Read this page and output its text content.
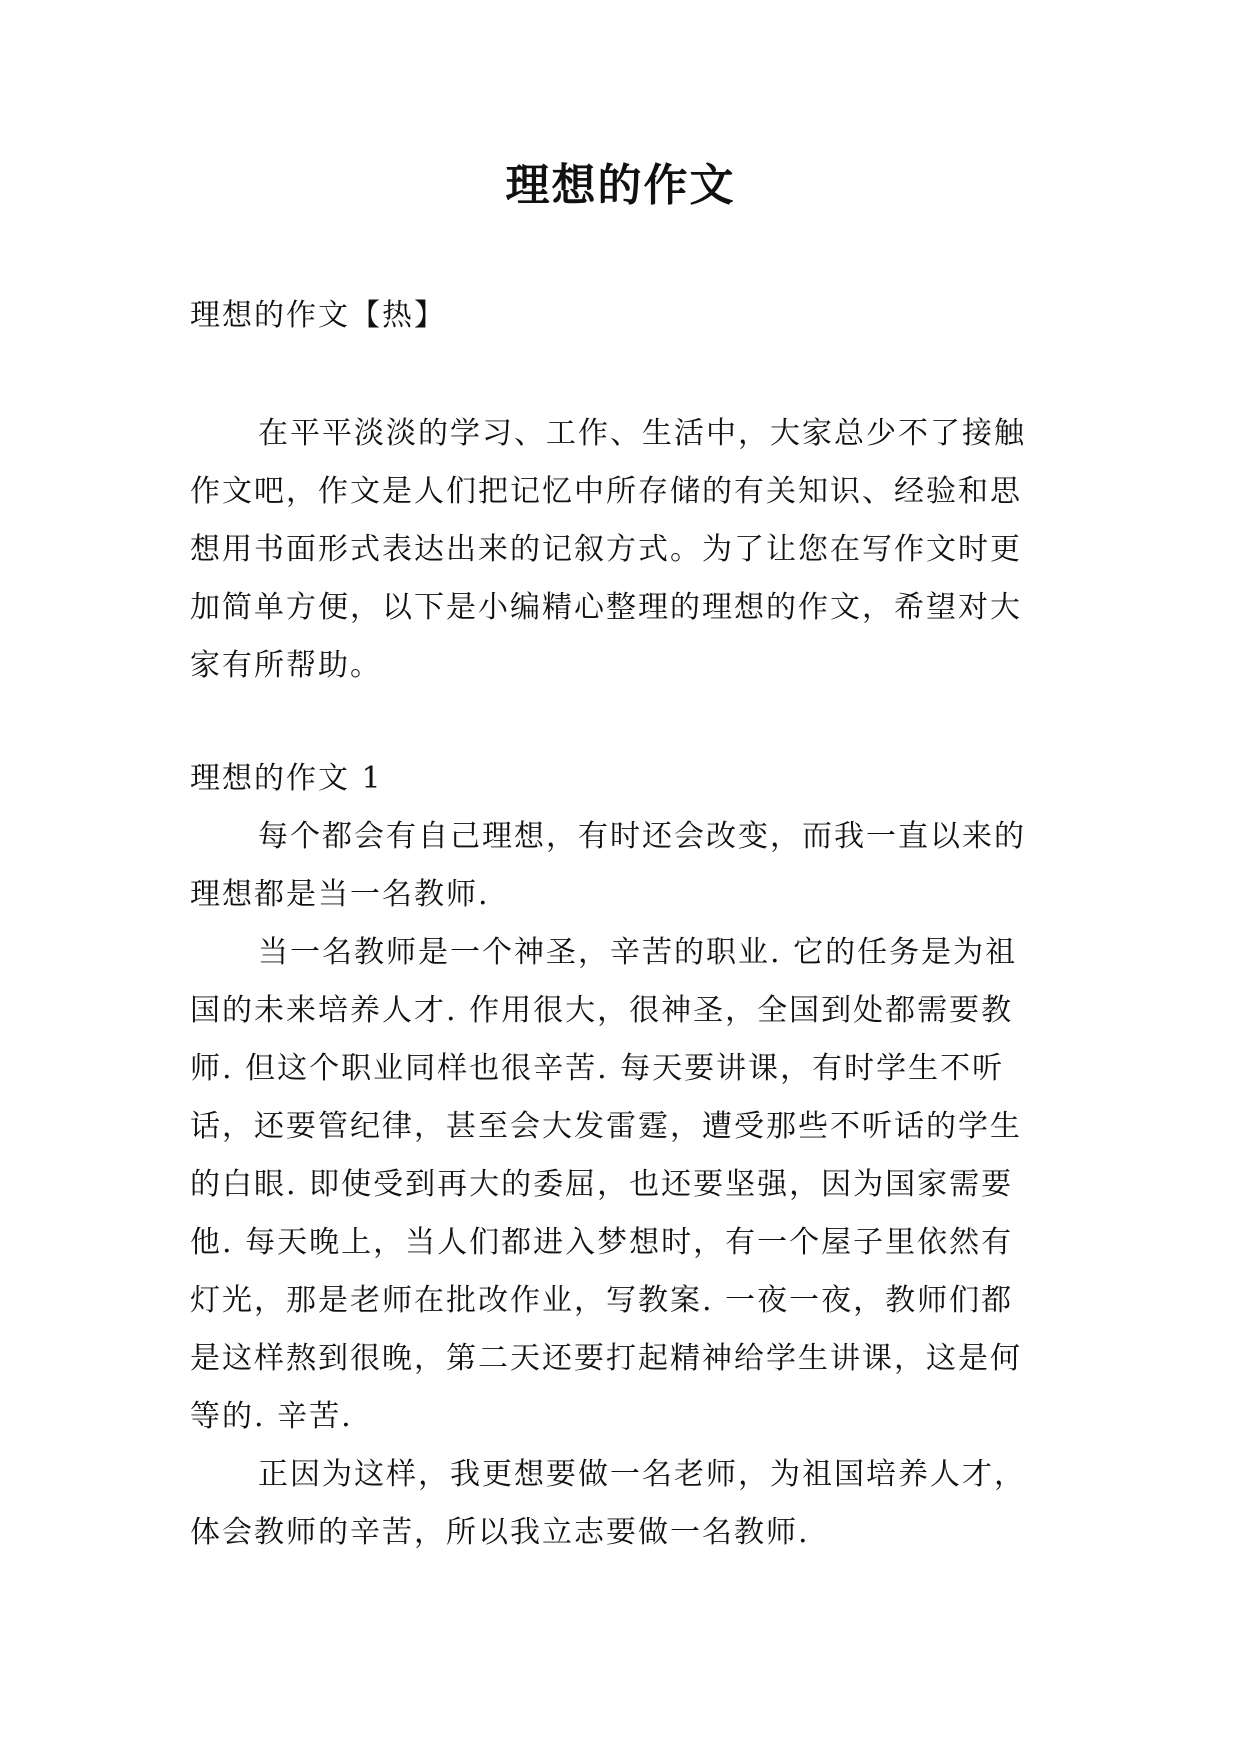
理想的作文
理想的作文【热】
在平平淡淡的学习、工作、生活中，大家总少不了接触
作文吧，作文是人们把记忆中所存储的有关知识、经验和思
想用书面形式表达出来的记叙方式。为了让您在写作文时更
加简单方便，以下是小编精心整理的理想的作文，希望对大
家有所帮助。
理想的作文 1
每个都会有自己理想，有时还会改变，而我一直以来的
理想都是当一名教师.
当一名教师是一个神圣，辛苦的职业. 它的任务是为祖
国的未来培养人才. 作用很大，很神圣，全国到处都需要教
师. 但这个职业同样也很辛苦. 每天要讲课，有时学生不听
话，还要管纪律，甚至会大发雷霆，遭受那些不听话的学生
的白眼. 即使受到再大的委屈，也还要坚强，因为国家需要
他. 每天晚上，当人们都进入梦想时，有一个屋子里依然有
灯光，那是老师在批改作业，写教案. 一夜一夜，教师们都
是这样熬到很晚，第二天还要打起精神给学生讲课，这是何
等的. 辛苦.
正因为这样，我更想要做一名老师，为祖国培养人才，
体会教师的辛苦，所以我立志要做一名教师.
